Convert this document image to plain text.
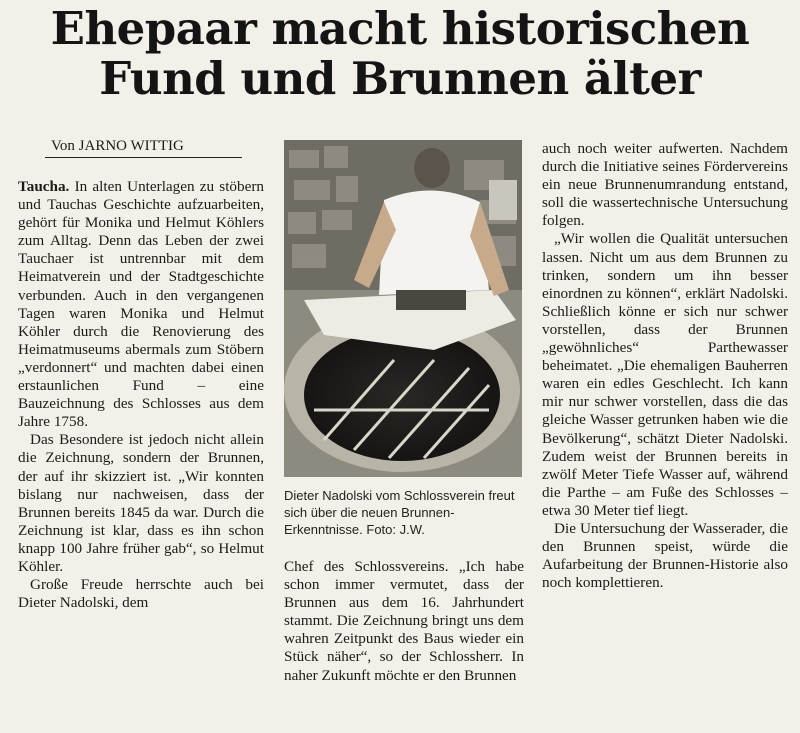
Ehepaar macht historischen
Fund und Brunnen älter
Von JARNO WITTIG

Taucha. In alten Unterlagen zu stöbern und Tauchas Geschichte aufzuarbeiten, gehört für Monika und Helmut Köhlers zum Alltag. Denn das Leben der zwei Tauchaer ist untrennbar mit dem Heimatverein und der Stadtgeschichte verbunden. Auch in den vergangenen Tagen waren Monika und Helmut Köhler durch die Renovierung des Heimatmuseums abermals zum Stöbern „verdonnert“ und machten dabei einen erstaunlichen Fund – eine Bauzeichnung des Schlosses aus dem Jahre 1758.

Das Besondere ist jedoch nicht allein die Zeichnung, sondern der Brunnen, der auf ihr skizziert ist. „Wir konnten bislang nur nachweisen, dass der Brunnen bereits 1845 da war. Durch die Zeichnung ist klar, dass es ihn schon knapp 100 Jahre früher gab“, so Helmut Köhler.

Große Freude herrschte auch bei Dieter Nadolski, dem

Dieter Nadolski vom Schlossverein freut sich über die neuen Brunnen-Erkenntnisse. Foto: J.W.

Chef des Schlossvereins. „Ich habe schon immer vermutet, dass der Brunnen aus dem 16. Jahrhundert stammt. Die Zeichnung bringt uns dem wahren Zeitpunkt des Baus wieder ein Stück näher“, so der Schlossherr. In naher Zukunft möchte er den Brunnen

auch noch weiter aufwerten. Nachdem durch die Initiative seines Fördervereins ein neue Brunnenumrandung entstand, soll die wassertechnische Untersuchung folgen.

„Wir wollen die Qualität untersuchen lassen. Nicht um aus dem Brunnen zu trinken, sondern um ihn besser einordnen zu können“, erklärt Nadolski. Schließlich könne er sich nur schwer vorstellen, dass der Brunnen „gewöhnliches“ Parthewasser beheimatet. „Die ehemaligen Bauherren waren ein edles Geschlecht. Ich kann mir nur schwer vorstellen, dass die das gleiche Wasser getrunken haben wie die Bevölkerung“, schätzt Dieter Nadolski. Zudem weist der Brunnen bereits in zwölf Meter Tiefe Wasser auf, während die Parthe – am Fuße des Schlosses – etwa 30 Meter tief liegt.

Die Untersuchung der Wasserader, die den Brunnen speist, würde die Aufarbeitung der Brunnen-Historie also noch komplettieren.
